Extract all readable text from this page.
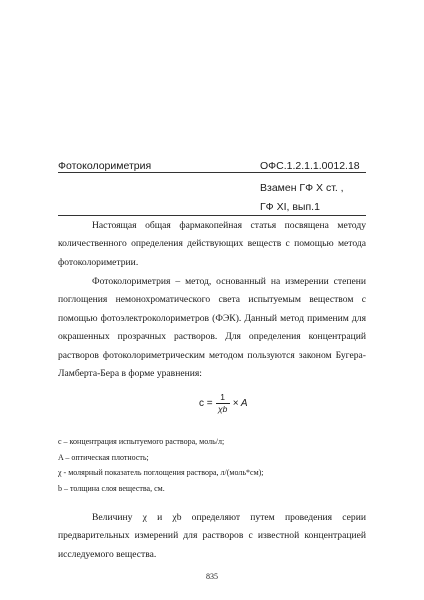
Фотоколориметрия	ОФС.1.2.1.1.0012.18
Взамен ГФ X ст. ,
ГФ XI, вып.1

Настоящая общая фармакопейная статья посвящена методу количественного определения действующих веществ с помощью метода фотоколориметрии.

Фотоколориметрия – метод, основанный на измерении степени поглощения немонохроматического света испытуемым веществом с помощью фотоэлектроколориметров (ФЭК). Данный метод применим для окрашенных прозрачных растворов. Для определения концентраций растворов фотоколориметрическим методом пользуются законом Бугера-Ламберта-Бера в форме уравнения:

$c = \frac{1}{\chi b} \times A$
c – концентрация испытуемого раствора, моль/л;
A – оптическая плотность;
χ - молярный показатель поглощения раствора, л/(моль*см);
b – толщина слоя вещества, см.

Величину χ и χb определяют путем проведения серии предварительных измерений для растворов с известной концентрацией исследуемого вещества.

835
